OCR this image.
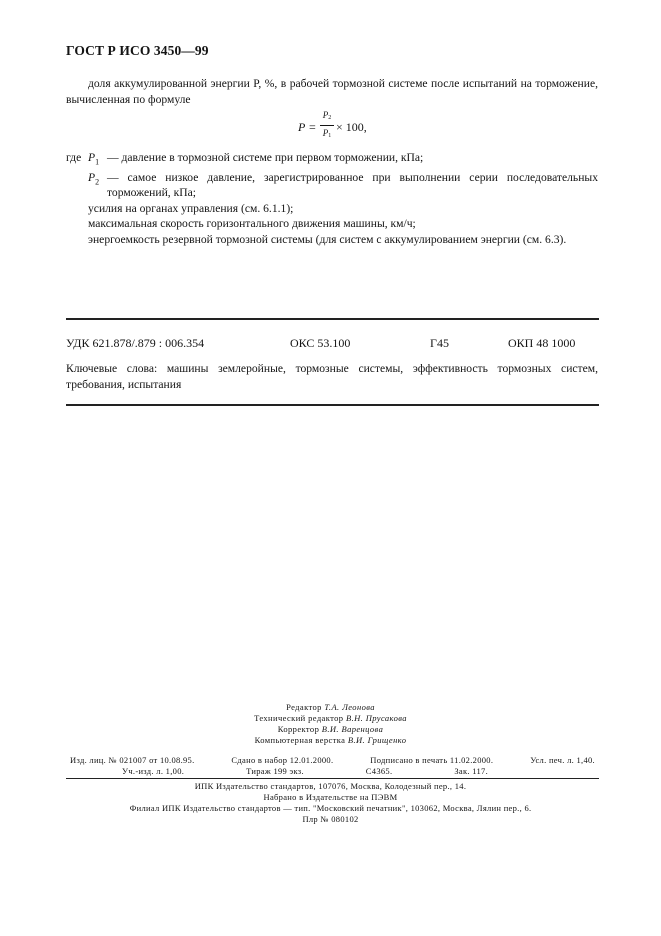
ГОСТ Р ИСО 3450—99
доля аккумулированной энергии P, %, в рабочей тормозной системе после испытаний на торможение, вычисленная по формуле
P =
$P_2$
$P_1$
× 100,
где $P_1$ — давление в тормозной системе при первом торможении, кПа;
$P_2$ — самое низкое давление, зарегистрированное при выполнении серии последовательных торможений, кПа;
усилия на органах управления (см. 6.1.1);
максимальная скорость горизонтального движения машины, км/ч;
энергоемкость резервной тормозной системы (для систем с аккумулированием энергии (см. 6.3).
УДК 621.878/.879 : 006.354	ОКС 53.100	Г45	ОКП 48 1000
Ключевые слова: машины землеройные, тормозные системы, эффективность тормозных систем, требования, испытания
Редактор Т.А. Леонова
Технический редактор В.Н. Прусакова
Корректор В.И. Варенцова
Компьютерная верстка В.И. Грищенко
Изд. лиц. № 021007 от 10.08.95.	Сдано в набор 12.01.2000.	Подписано в печать 11.02.2000.	Усл. печ. л. 1,40.
Уч.-изд. л. 1,00.	Тираж 199 экз.	С4365.	Зак. 117.
ИПК Издательство стандартов, 107076, Москва, Колодезный пер., 14.
Набрано в Издательстве на ПЭВМ
Филиал ИПК Издательство стандартов — тип. "Московский печатник", 103062, Москва, Лялин пер., 6.
Плр № 080102
